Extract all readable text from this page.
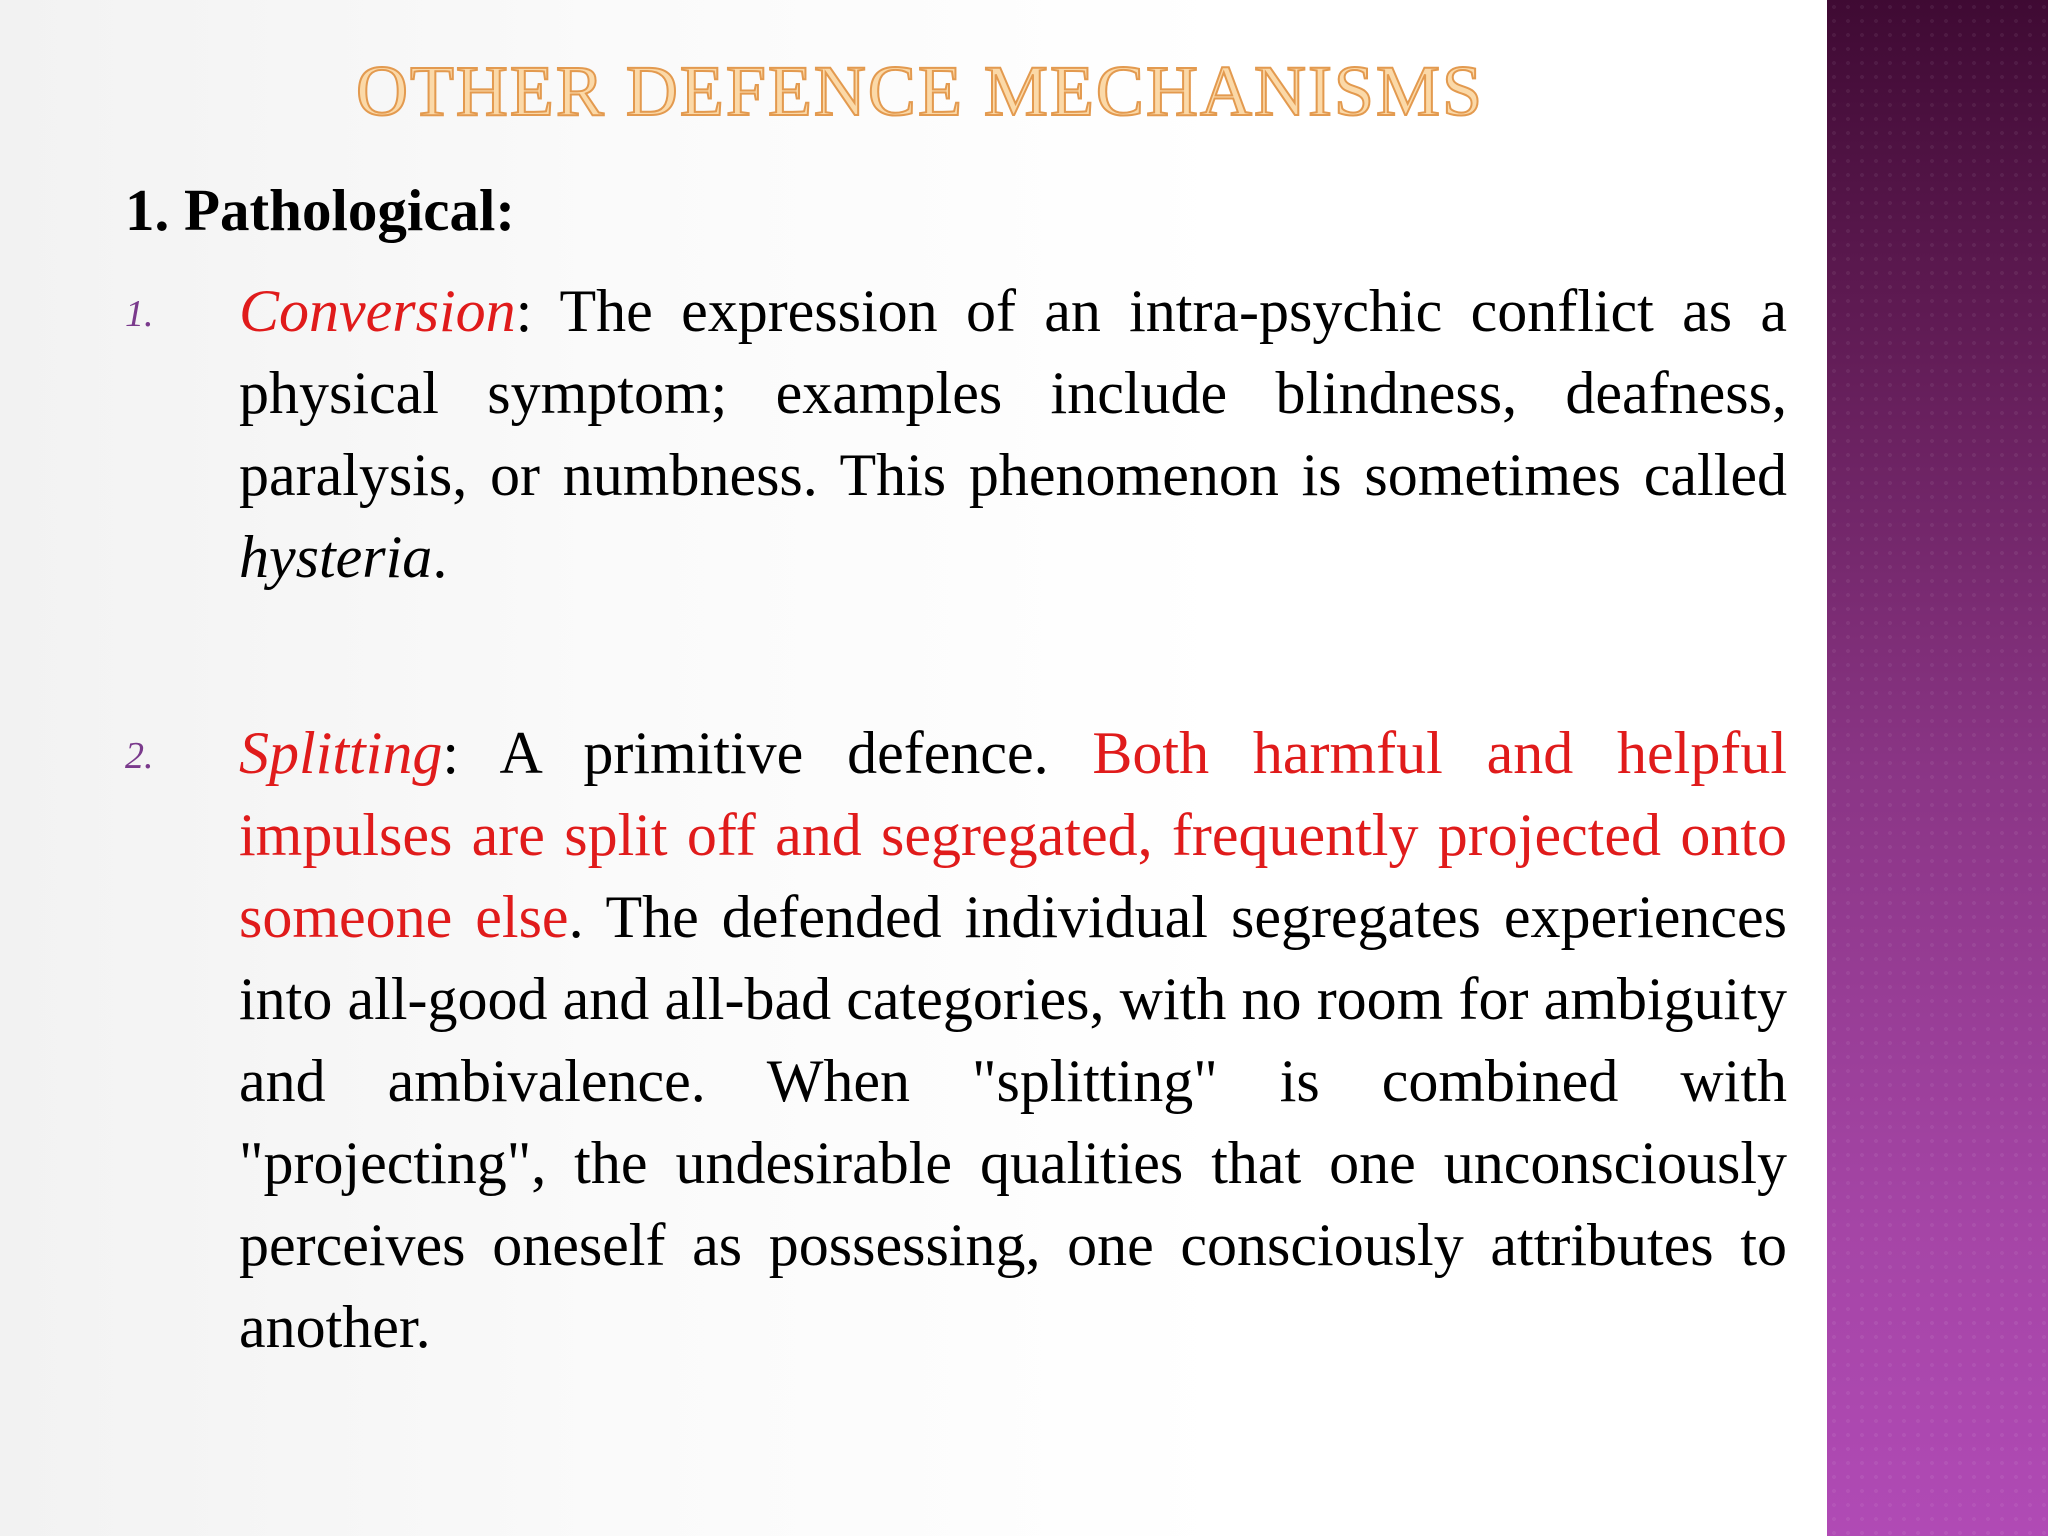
OTHER DEFENCE MECHANISMS
1. Pathological:
1. Conversion: The expression of an intra-psychic conflict as a physical symptom; examples include blindness, deafness, paralysis, or numbness. This phenomenon is sometimes called hysteria.
2. Splitting: A primitive defence. Both harmful and helpful impulses are split off and segregated, frequently projected onto someone else. The defended individual segregates experiences into all-good and all-bad categories, with no room for ambiguity and ambivalence. When "splitting" is combined with "projecting", the undesirable qualities that one unconsciously perceives oneself as possessing, one consciously attributes to another.
